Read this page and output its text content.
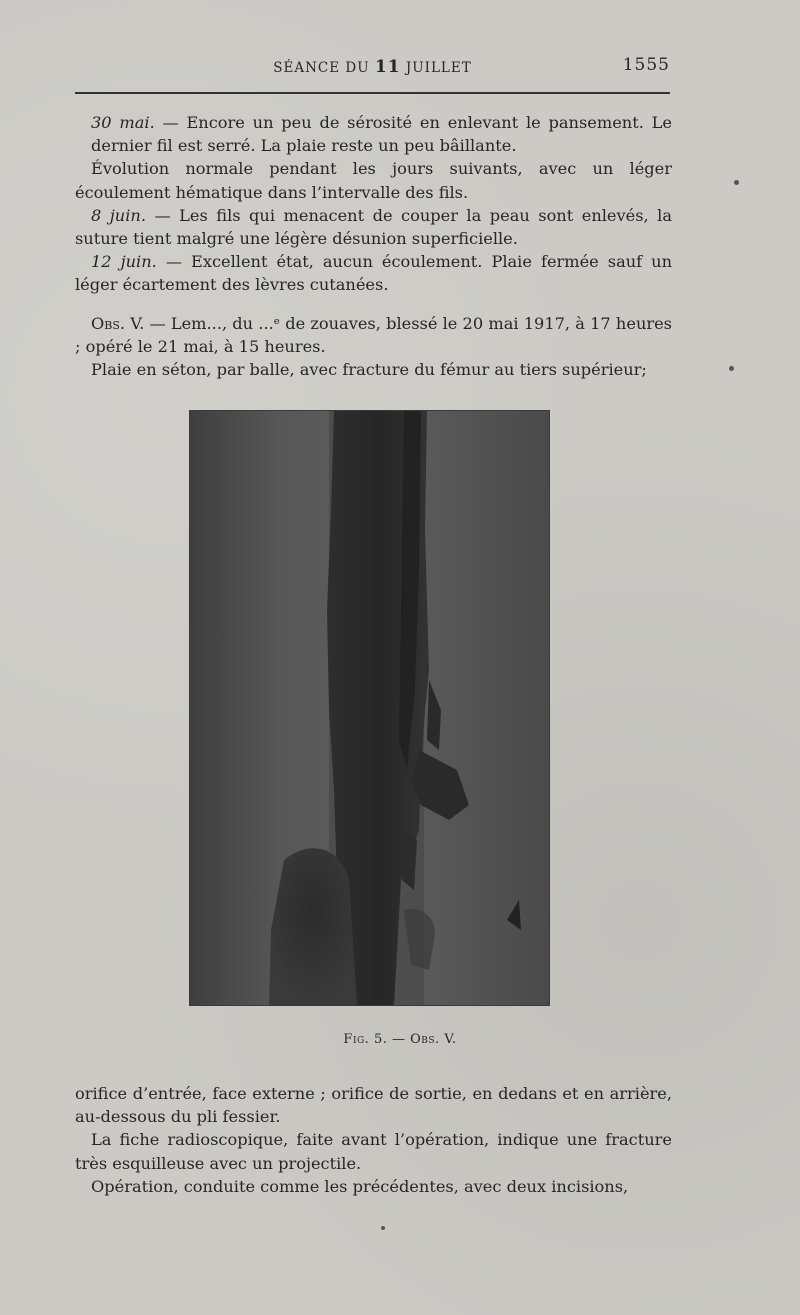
SÉANCE DU 11 JUILLET	1555

30 mai. — Encore un peu de sérosité en enlevant le pansement. Le dernier fil est serré. La plaie reste un peu bâillante.

Évolution normale pendant les jours suivants, avec un léger écoulement hématique dans l’intervalle des fils.

8 juin. — Les fils qui menacent de couper la peau sont enlevés, la suture tient malgré une légère désunion superficielle.

12 juin. — Excellent état, aucun écoulement. Plaie fermée sauf un léger écartement des lèvres cutanées.

Obs. V. — Lem..., du ...ᵉ de zouaves, blessé le 20 mai 1917, à 17 heures ; opéré le 21 mai, à 15 heures.

Plaie en séton, par balle, avec fracture du fémur au tiers supérieur;

Fig. 5. — Obs. V.

orifice d’entrée, face externe ; orifice de sortie, en dedans et en arrière, au-dessous du pli fessier.

La fiche radioscopique, faite avant l’opération, indique une fracture très esquilleuse avec un projectile.

Opération, conduite comme les précédentes, avec deux incisions,
